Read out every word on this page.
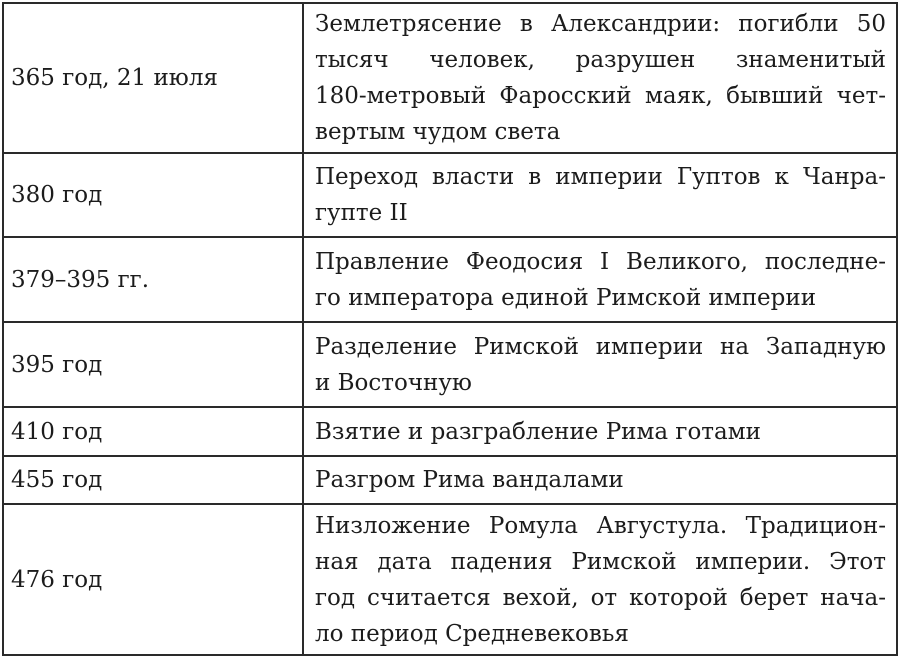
365 год, 21 июля	Землетрясение в Александрии: погибли 50
тысяч человек, разрушен знаменитый
180-метровый Фаросский маяк, бывший чет-
вертым чудом света

380 год	Переход власти в империи Гуптов к Чанра-
гупте II

379–395 гг.	Правление Феодосия I Великого, последне-
го императора единой Римской империи

395 год	Разделение Римской империи на Западную
и Восточную

410 год	Взятие и разграбление Рима готами

455 год	Разгром Рима вандалами

476 год	Низложение Ромула Августула. Традицион-
ная дата падения Римской империи. Этот
год считается вехой, от которой берет нача-
ло период Средневековья
